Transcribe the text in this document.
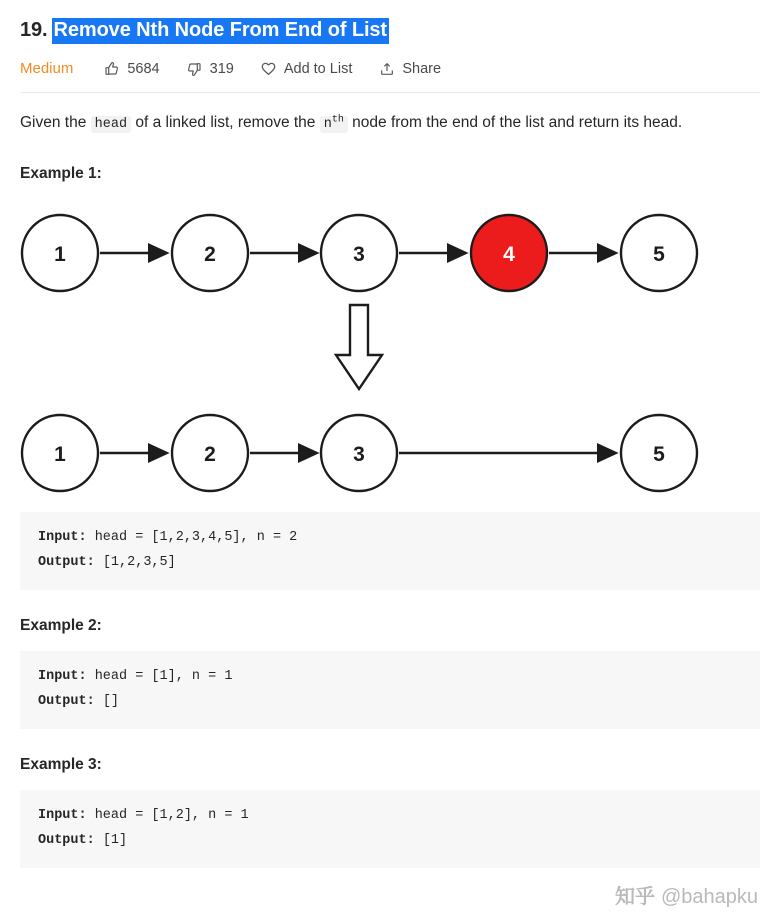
19. Remove Nth Node From End of List
Medium	5684	319	Add to List	Share
Given the head of a linked list, remove the $n^{th}$ node from the end of the list and return its head.
Example 1:
1	2	3	4	5
1	2	3	5
Input: head = [1,2,3,4,5], n = 2
Output: [1,2,3,5]
Example 2:
Input: head = [1], n = 1
Output: []
Example 3:
Input: head = [1,2], n = 1
Output: [1]
知乎 @bahapku
